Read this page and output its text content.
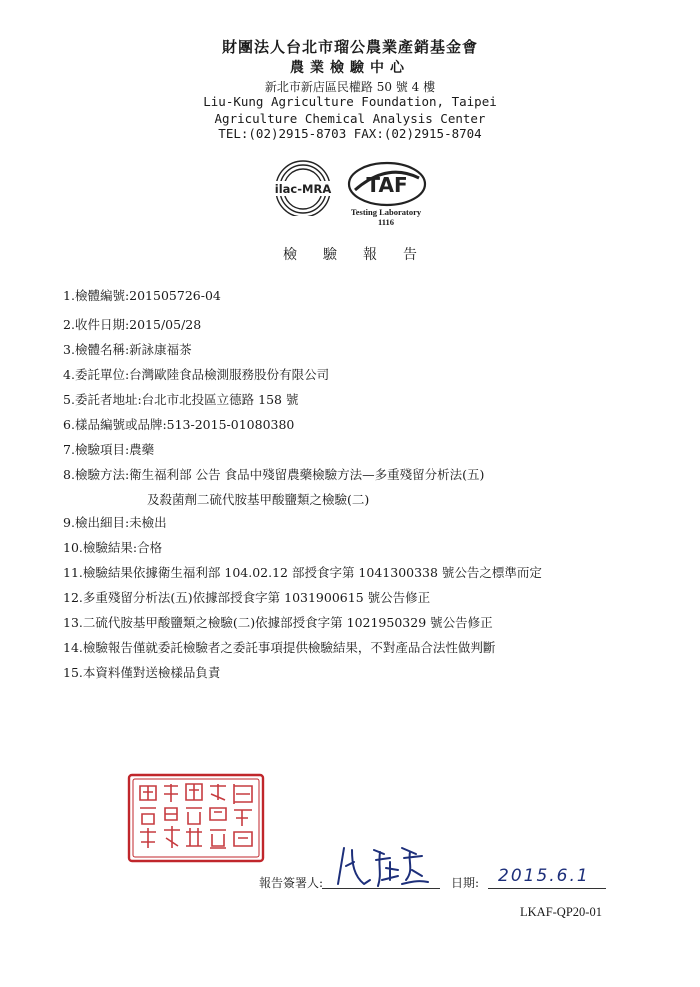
財團法人台北市瑠公農業產銷基金會
農業檢驗中心
新北市新店區民權路 50 號 4 樓
Liu-Kung Agriculture Foundation, Taipei
Agriculture Chemical Analysis Center
TEL:(02)2915-8703 FAX:(02)2915-8704
ilac-MRA TAF
Testing Laboratory
1116
檢驗報告
1.檢體編號:201505726-04
2.收件日期:2015/05/28
3.檢體名稱:新詠康福茶
4.委託單位:台灣歐陸食品檢測服務股份有限公司
5.委託者地址:台北市北投區立德路 158 號
6.樣品編號或品牌:513-2015-01080380
7.檢驗項目:農藥
8.檢驗方法:衛生福利部 公告 食品中殘留農藥檢驗方法—多重殘留分析法(五)
及殺菌劑二硫代胺基甲酸鹽類之檢驗(二)
9.檢出細目:未檢出
10.檢驗結果:合格
11.檢驗結果依據衛生福利部 104.02.12 部授食字第 1041300338 號公告之標準而定
12.多重殘留分析法(五)依據部授食字第 1031900615 號公告修正
13.二硫代胺基甲酸鹽類之檢驗(二)依據部授食字第 1021950329 號公告修正
14.檢驗報告僅就委託檢驗者之委託事項提供檢驗結果，不對產品合法性做判斷
15.本資料僅對送檢樣品負責
報告簽署人:	日期: 2015.6.1
LKAF-QP20-01
